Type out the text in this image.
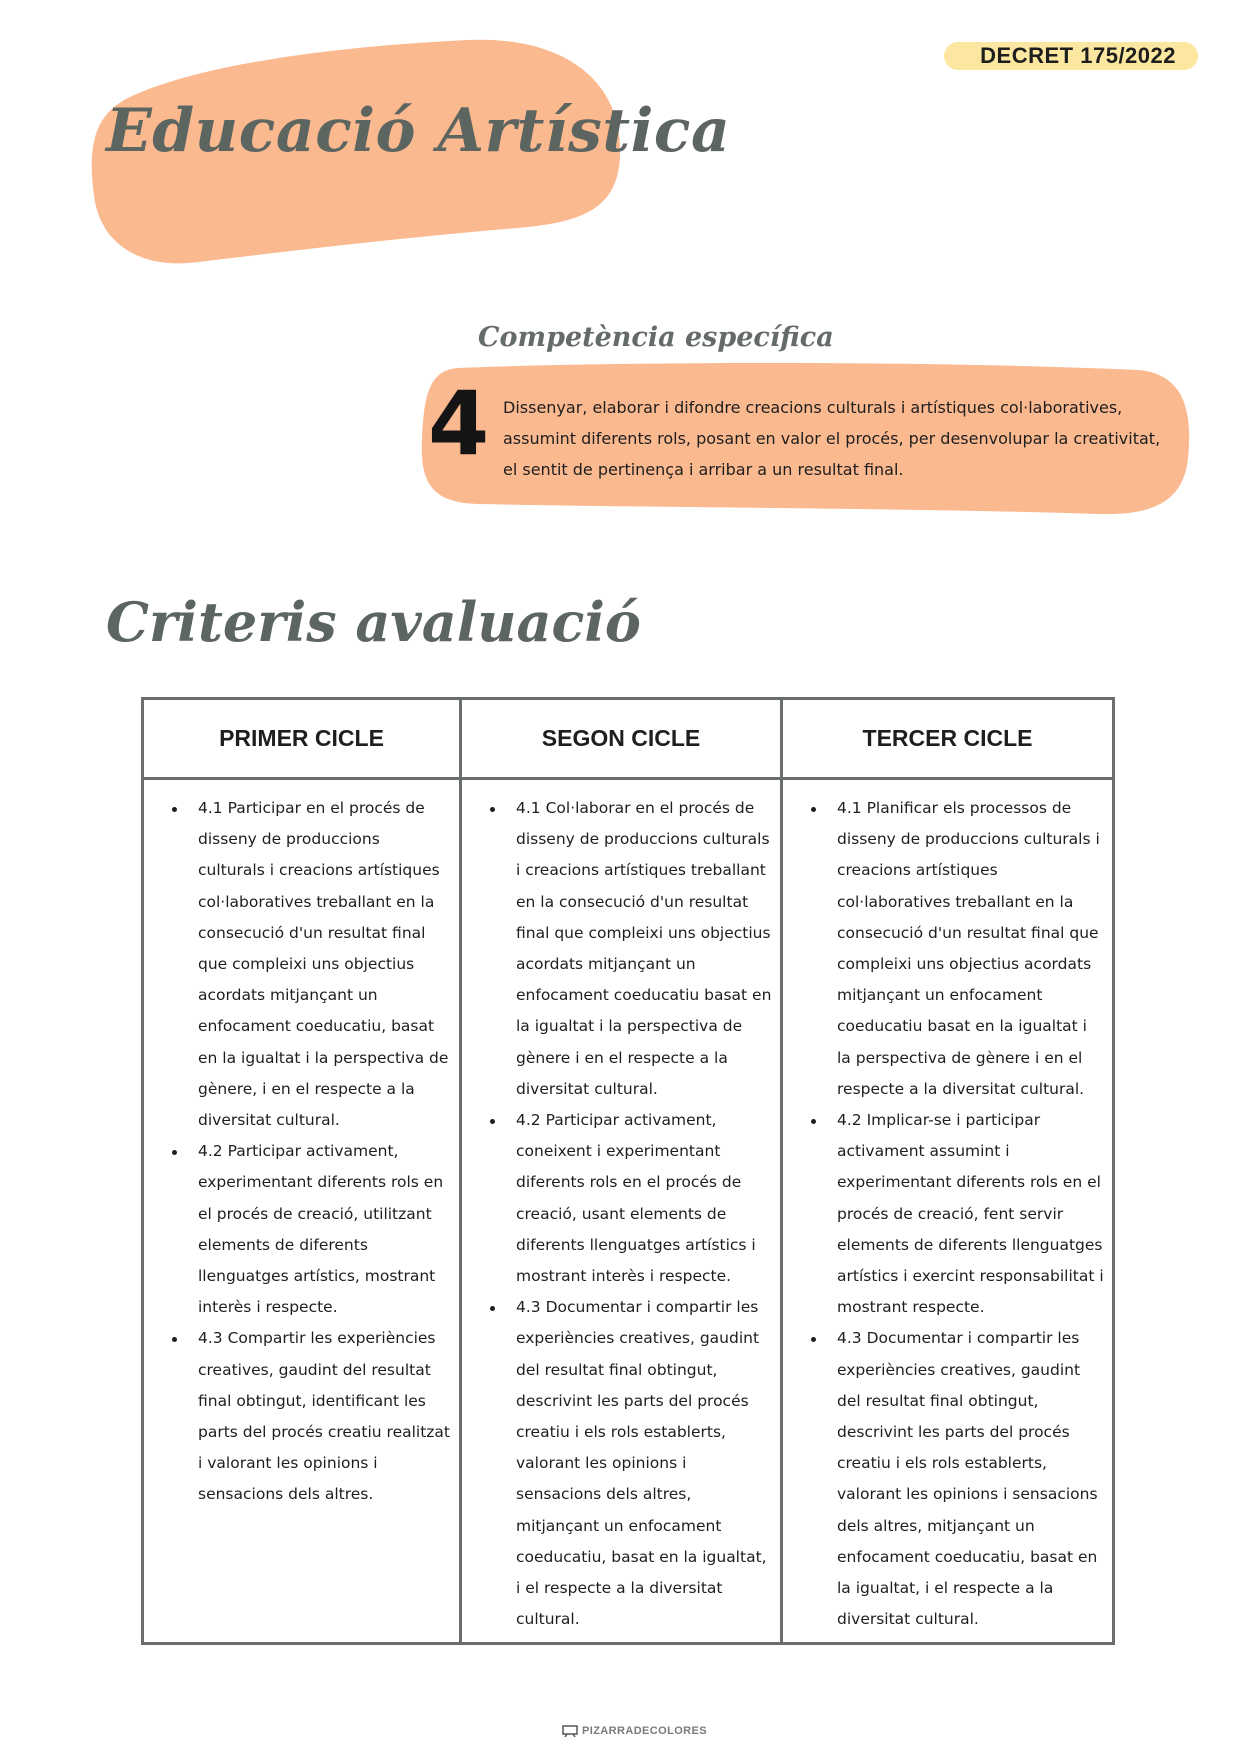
DECRET 175/2022
Educació Artística
Competència específica
4 Dissenyar, elaborar i difondre creacions culturals i artístiques col·laboratives, assumint diferents rols, posant en valor el procés, per desenvolupar la creativitat, el sentit de pertinença i arribar a un resultat final.

Criteris avaluació
PRIMER CICLE	SEGON CICLE	TERCER CICLE
4.1 Participar en el procés de disseny de produccions culturals i creacions artístiques col·laboratives treballant en la consecució d'un resultat final que compleixi uns objectius acordats mitjançant un enfocament coeducatiu, basat en la igualtat i la perspectiva de gènere, i en el respecte a la diversitat cultural.
4.2 Participar activament, experimentant diferents rols en el procés de creació, utilitzant elements de diferents llenguatges artístics, mostrant interès i respecte.
4.3 Compartir les experiències creatives, gaudint del resultat final obtingut, identificant les parts del procés creatiu realitzat i valorant les opinions i sensacions dels altres.
4.1 Col·laborar en el procés de disseny de produccions culturals i creacions artístiques treballant en la consecució d'un resultat final que compleixi uns objectius acordats mitjançant un enfocament coeducatiu basat en la igualtat i la perspectiva de gènere i en el respecte a la diversitat cultural.
4.2 Participar activament, coneixent i experimentant diferents rols en el procés de creació, usant elements de diferents llenguatges artístics i mostrant interès i respecte.
4.3 Documentar i compartir les experiències creatives, gaudint del resultat final obtingut, descrivint les parts del procés creatiu i els rols establerts, valorant les opinions i sensacions dels altres, mitjançant un enfocament coeducatiu, basat en la igualtat, i el respecte a la diversitat cultural.
4.1 Planificar els processos de disseny de produccions culturals i creacions artístiques col·laboratives treballant en la consecució d'un resultat final que compleixi uns objectius acordats mitjançant un enfocament coeducatiu basat en la igualtat i la perspectiva de gènere i en el respecte a la diversitat cultural.
4.2 Implicar-se i participar activament assumint i experimentant diferents rols en el procés de creació, fent servir elements de diferents llenguatges artístics i exercint responsabilitat i mostrant respecte.
4.3 Documentar i compartir les experiències creatives, gaudint del resultat final obtingut, descrivint les parts del procés creatiu i els rols establerts, valorant les opinions i sensacions dels altres, mitjançant un enfocament coeducatiu, basat en la igualtat, i el respecte a la diversitat cultural.
PIZARRADECOLORES
